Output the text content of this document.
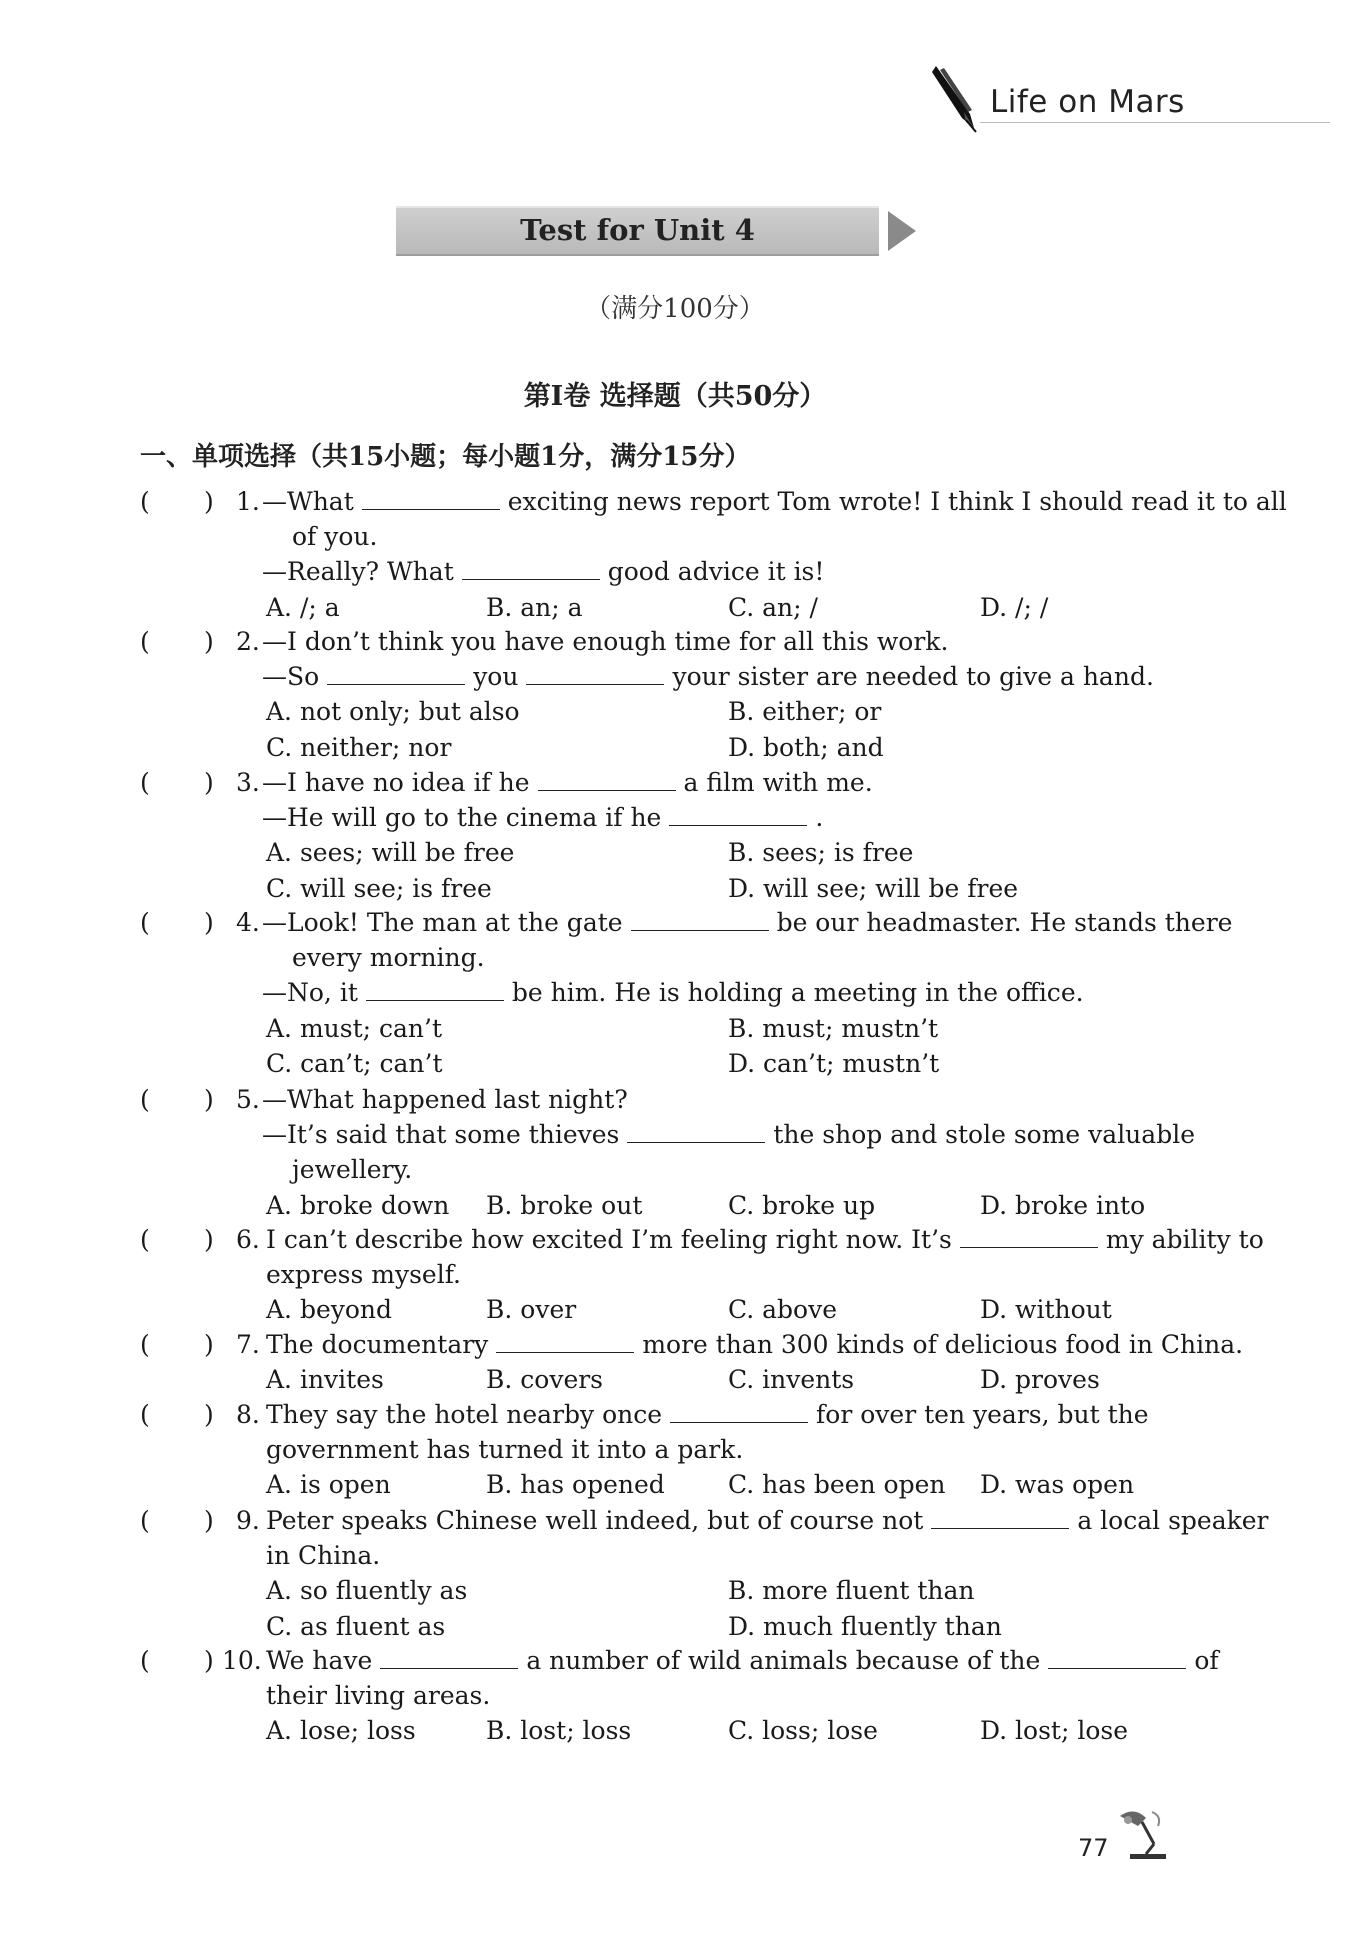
Life on Mars
Test for Unit 4
（满分100分）
第Ⅰ卷 选择题（共50分）
一、单项选择（共15小题；每小题1分，满分15分）
( ) 1. —What	exciting news report Tom wrote! I think I should read it to all
of you.
—Really? What	good advice it is!
A. /; a	B. an; a	C. an; /	D. /; /
( ) 2. —I don’t think you have enough time for all this work.
—So	you	your sister are needed to give a hand.
A. not only; but also	B. either; or
C. neither; nor	D. both; and
( ) 3. —I have no idea if he	a film with me.
—He will go to the cinema if he	.
A. sees; will be free	B. sees; is free
C. will see; is free	D. will see; will be free
( ) 4. —Look! The man at the gate	be our headmaster. He stands there
every morning.
—No, it	be him. He is holding a meeting in the office.
A. must; can’t	B. must; mustn’t
C. can’t; can’t	D. can’t; mustn’t
( ) 5. —What happened last night?
—It’s said that some thieves	the shop and stole some valuable
jewellery.
A. broke down B. broke out	C. broke up	D. broke into
( ) 6. I can’t describe how excited I’m feeling right now. It’s	my ability to
express myself.
A. beyond	B. over	C. above	D. without
( ) 7. The documentary	more than 300 kinds of delicious food in China.
A. invites	B. covers	C. invents	D. proves
( ) 8. They say the hotel nearby once	for over ten years, but the
government has turned it into a park.
A. is open	B. has opened	C. has been open D. was open
( ) 9. Peter speaks Chinese well indeed, but of course not	a local speaker
in China.
A. so fluently as	B. more fluent than
C. as fluent as	D. much fluently than
( ) 10. We have	a number of wild animals because of the	of
their living areas.
A. lose; loss	B. lost; loss	C. loss; lose	D. lost; lose
77
